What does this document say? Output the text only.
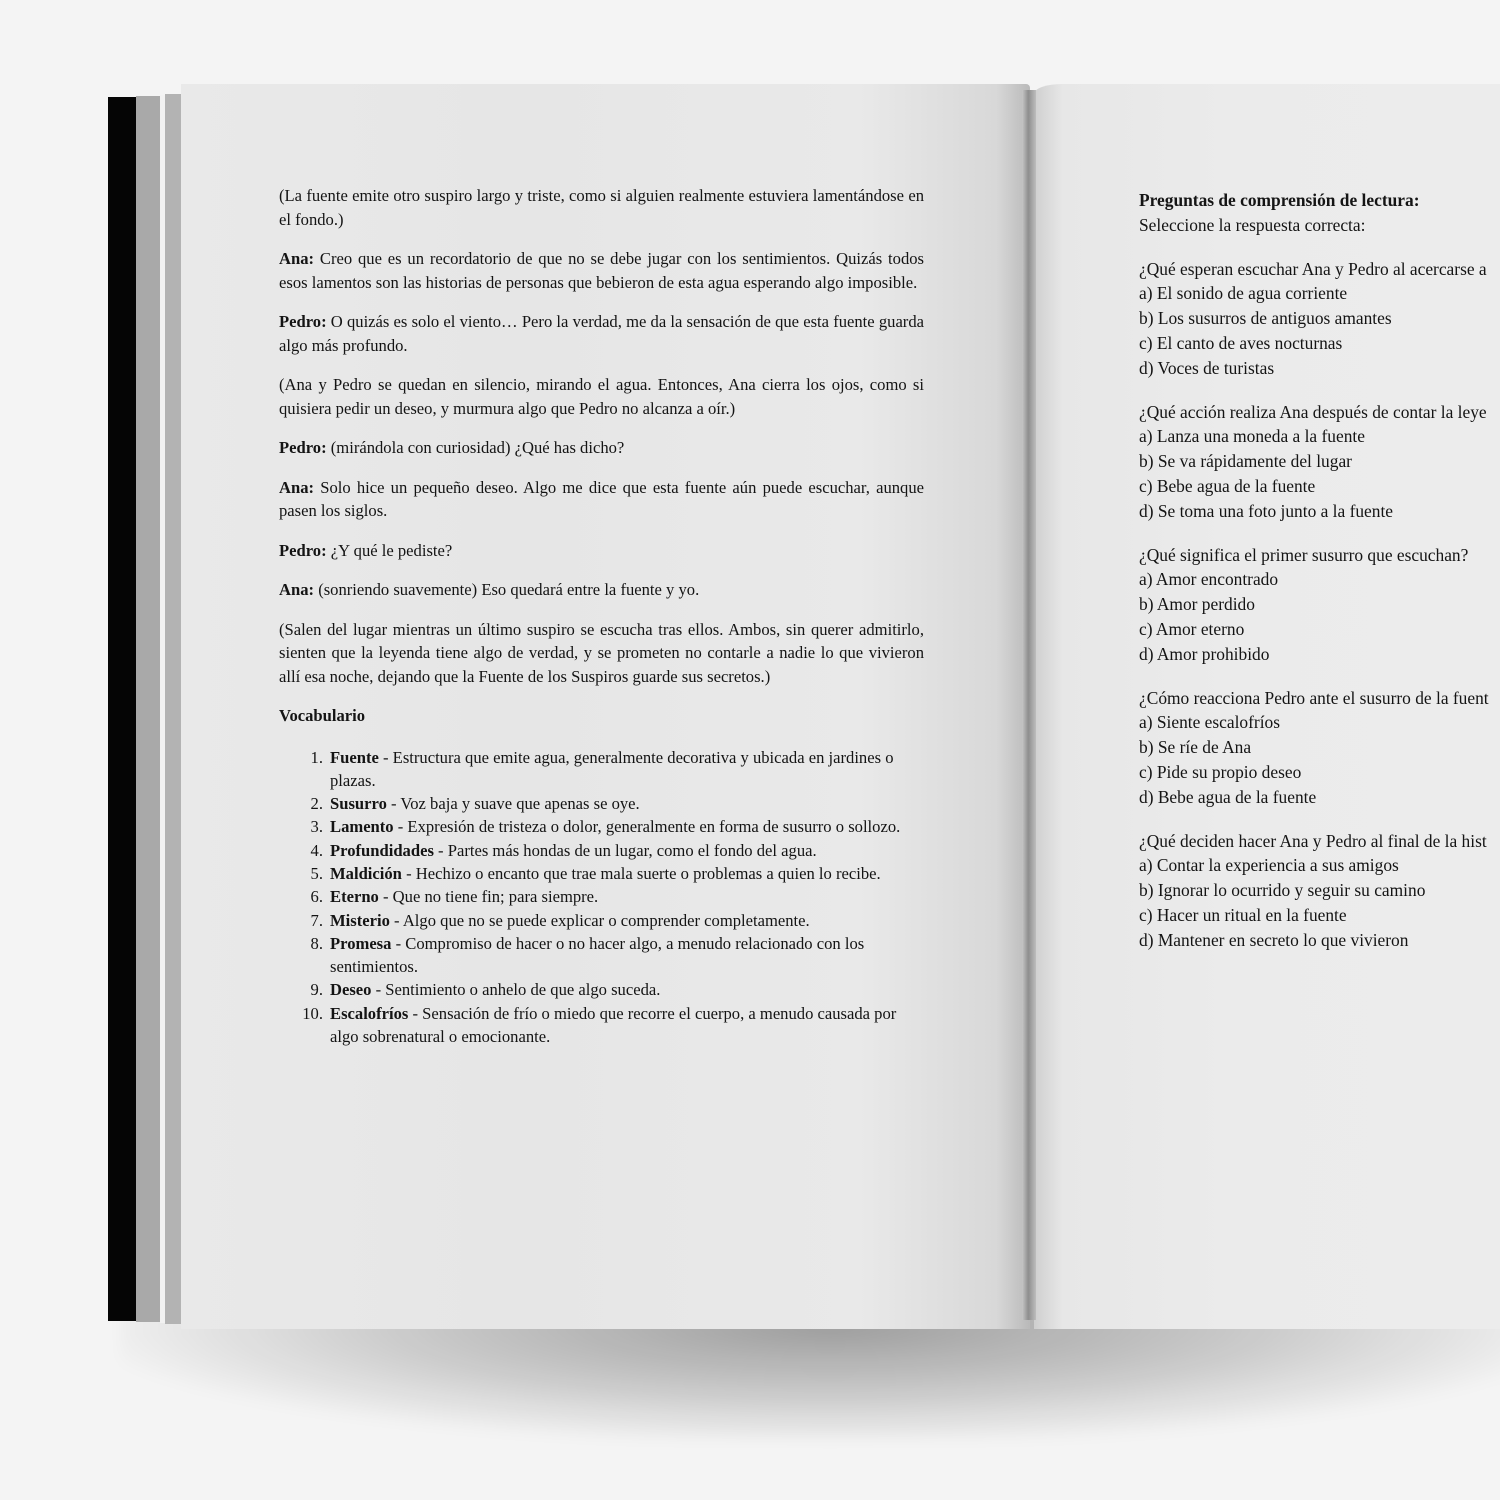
(La fuente emite otro suspiro largo y triste, como si alguien realmente estuviera lamentándose en el fondo.)

Ana: Creo que es un recordatorio de que no se debe jugar con los sentimientos. Quizás todos esos lamentos son las historias de personas que bebieron de esta agua esperando algo imposible.

Pedro: O quizás es solo el viento… Pero la verdad, me da la sensación de que esta fuente guarda algo más profundo.

(Ana y Pedro se quedan en silencio, mirando el agua. Entonces, Ana cierra los ojos, como si quisiera pedir un deseo, y murmura algo que Pedro no alcanza a oír.)

Pedro: (mirándola con curiosidad) ¿Qué has dicho?

Ana: Solo hice un pequeño deseo. Algo me dice que esta fuente aún puede escuchar, aunque pasen los siglos.

Pedro: ¿Y qué le pediste?

Ana: (sonriendo suavemente) Eso quedará entre la fuente y yo.

(Salen del lugar mientras un último suspiro se escucha tras ellos. Ambos, sin querer admitirlo, sienten que la leyenda tiene algo de verdad, y se prometen no contarle a nadie lo que vivieron allí esa noche, dejando que la Fuente de los Suspiros guarde sus secretos.)

Vocabulario
1. Fuente - Estructura que emite agua, generalmente decorativa y ubicada en jardines o plazas.
2. Susurro - Voz baja y suave que apenas se oye.
3. Lamento - Expresión de tristeza o dolor, generalmente en forma de susurro o sollozo.
4. Profundidades - Partes más hondas de un lugar, como el fondo del agua.
5. Maldición - Hechizo o encanto que trae mala suerte o problemas a quien lo recibe.
6. Eterno - Que no tiene fin; para siempre.
7. Misterio - Algo que no se puede explicar o comprender completamente.
8. Promesa - Compromiso de hacer o no hacer algo, a menudo relacionado con los sentimientos.
9. Deseo - Sentimiento o anhelo de que algo suceda.
10. Escalofríos - Sensación de frío o miedo que recorre el cuerpo, a menudo causada por algo sobrenatural o emocionante.
Preguntas de comprensión de lectura:
Seleccione la respuesta correcta:
¿Qué esperan escuchar Ana y Pedro al acercarse a
a) El sonido de agua corriente
b) Los susurros de antiguos amantes
c) El canto de aves nocturnas
d) Voces de turistas
¿Qué acción realiza Ana después de contar la leye
a) Lanza una moneda a la fuente
b) Se va rápidamente del lugar
c) Bebe agua de la fuente
d) Se toma una foto junto a la fuente
¿Qué significa el primer susurro que escuchan?
a) Amor encontrado
b) Amor perdido
c) Amor eterno
d) Amor prohibido
¿Cómo reacciona Pedro ante el susurro de la fuent
a) Siente escalofríos
b) Se ríe de Ana
c) Pide su propio deseo
d) Bebe agua de la fuente
¿Qué deciden hacer Ana y Pedro al final de la hist
a) Contar la experiencia a sus amigos
b) Ignorar lo ocurrido y seguir su camino
c) Hacer un ritual en la fuente
d) Mantener en secreto lo que vivieron
